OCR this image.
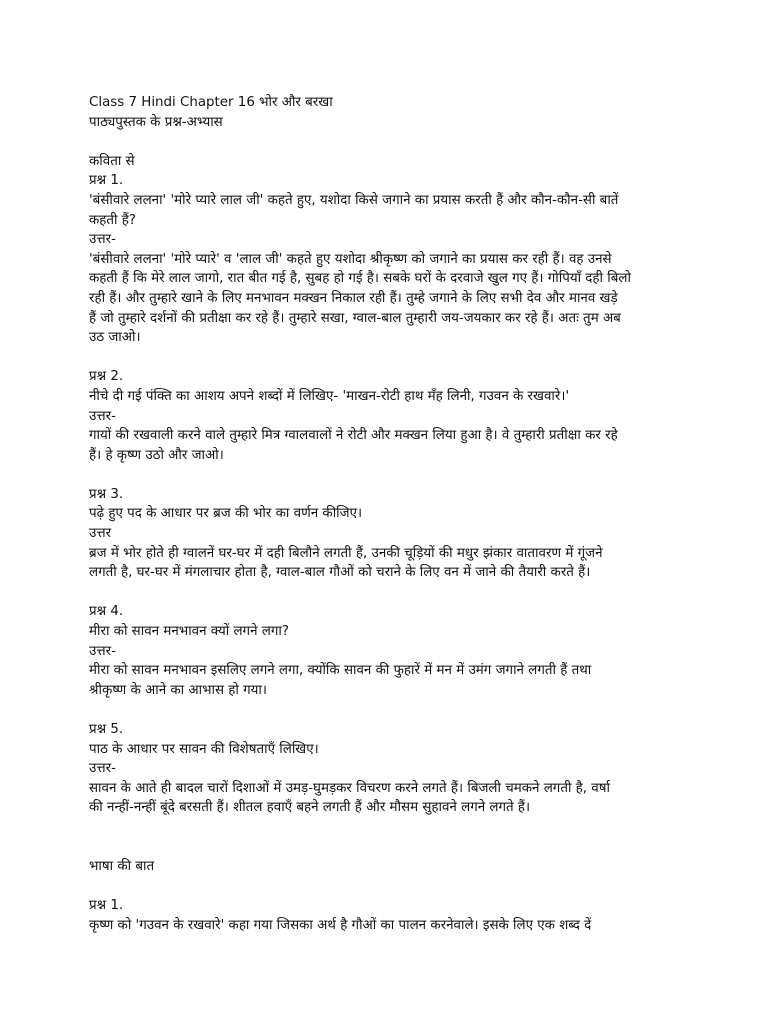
Class 7 Hindi Chapter 16 भोर और बरखा
पाठ्यपुस्तक के प्रश्न-अभ्यास
कविता से
प्रश्न 1.
'बंसीवारे ललना' 'मोरे प्यारे लाल जी' कहते हुए, यशोदा किसे जगाने का प्रयास करती हैं और कौन-कौन-सी बातें
कहती हैं?
उत्तर-
'बंसीवारे ललना' 'मोरे प्यारे' व 'लाल जी' कहते हुए यशोदा श्रीकृष्ण को जगाने का प्रयास कर रही हैं। वह उनसे
कहती हैं कि मेरे लाल जागो, रात बीत गई है, सुबह हो गई है। सबके घरों के दरवाजे खुल गए हैं। गोपियाँ दही बिलो
रही हैं। और तुम्हारे खाने के लिए मनभावन मक्खन निकाल रही हैं। तुम्हे जगाने के लिए सभी देव और मानव खड़े
हैं जो तुम्हारे दर्शनों की प्रतीक्षा कर रहे हैं। तुम्हारे सखा, ग्वाल-बाल तुम्हारी जय-जयकार कर रहे हैं। अतः तुम अब
उठ जाओ।
प्रश्न 2.
नीचे दी गई पंक्ति का आशय अपने शब्दों में लिखिए- 'माखन-रोटी हाथ मँह लिनी, गउवन के रखवारे।'
उत्तर-
गायों की रखवाली करने वाले तुम्हारे मित्र ग्वालवालों ने रोटी और मक्खन लिया हुआ है। वे तुम्हारी प्रतीक्षा कर रहे
हैं। हे कृष्ण उठो और जाओ।
प्रश्न 3.
पढ़े हुए पद के आधार पर ब्रज की भोर का वर्णन कीजिए।
उत्तर
ब्रज में भोर होते ही ग्वालनें घर-घर में दही बिलौने लगती हैं, उनकी चूड़ियों की मधुर झंकार वातावरण में गूंजने
लगती है, घर-घर में मंगलाचार होता है, ग्वाल-बाल गौओं को चराने के लिए वन में जाने की तैयारी करते हैं।
प्रश्न 4.
मीरा को सावन मनभावन क्यों लगने लगा?
उत्तर-
मीरा को सावन मनभावन इसलिए लगने लगा, क्योंकि सावन की फुहारें में मन में उमंग जगाने लगती हैं तथा
श्रीकृष्ण के आने का आभास हो गया।
प्रश्न 5.
पाठ के आधार पर सावन की विशेषताएँ लिखिए।
उत्तर-
सावन के आते ही बादल चारों दिशाओं में उमड़-घुमड़कर विचरण करने लगते हैं। बिजली चमकने लगती है, वर्षा
की नन्हीं-नन्हीं बूंदे बरसती हैं। शीतल हवाएँ बहने लगती हैं और मौसम सुहावने लगने लगते हैं।
भाषा की बात
प्रश्न 1.
कृष्ण को 'गउवन के रखवारे' कहा गया जिसका अर्थ है गौओं का पालन करनेवाले। इसके लिए एक शब्द दें
